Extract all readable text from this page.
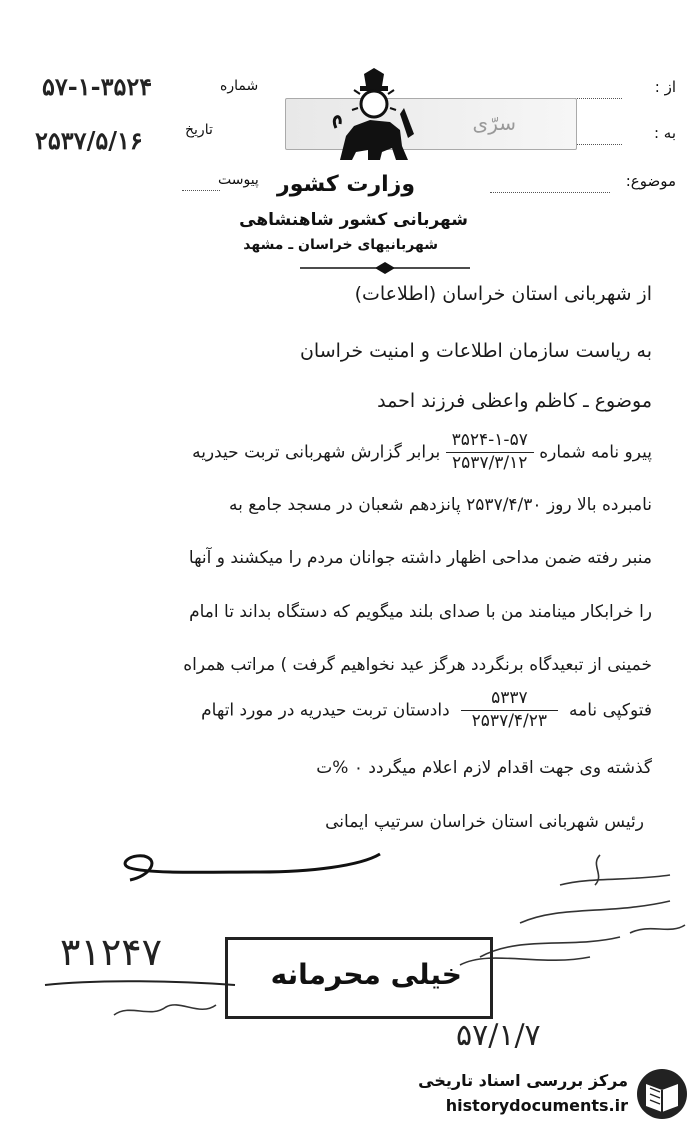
از :
به :
موضوع:
شماره
۵۷-۱-۳۵۲۴
تاریخ
۲۵۳۷/۵/۱۶
پیوست
سرّی
وزارت کشور
شهربانی کشور شاهنشاهی
شهربانیهای خراسان ـ مشهد
از شهربانی استان خراسان (اطلاعات)
به ریاست سازمان اطلاعات و امنیت خراسان
موضوع ـ کاظم واعظی فرزند احمد
پیرو نامه شماره
$\frac{۳۵۲۴-۱-۵۷}{۲۵۳۷/۳/۱۲}$
برابر گزارش شهربانی تربت حیدریه
نامبرده بالا روز ۲۵۳۷/۴/۳۰ پانزدهم شعبان در مسجد جامع به
منبر رفته ضمن مداحی اظهار داشته جوانان مردم را میکشند و آنها
را خرابکار مینامند من با صدای بلند میگویم که دستگاه بداند تا امام
خمینی از تبعیدگاه برنگردد هرگز عید نخواهیم گرفت ) مراتب همراه
فتوکپی نامه
$\frac{۵۳۳۷}{۲۵۳۷/۴/۲۳}$
دادستان تربت حیدریه در مورد اتهام
گذشته وی جهت اقدام لازم اعلام میگردد ۰ %ت
رئیس شهربانی استان خراسان سرتیپ ایمانی
۳۱۲۴۷
خیلی محرمانه
۵۷/۱/۷
مرکز بررسی اسناد تاریخی
historydocuments.ir
